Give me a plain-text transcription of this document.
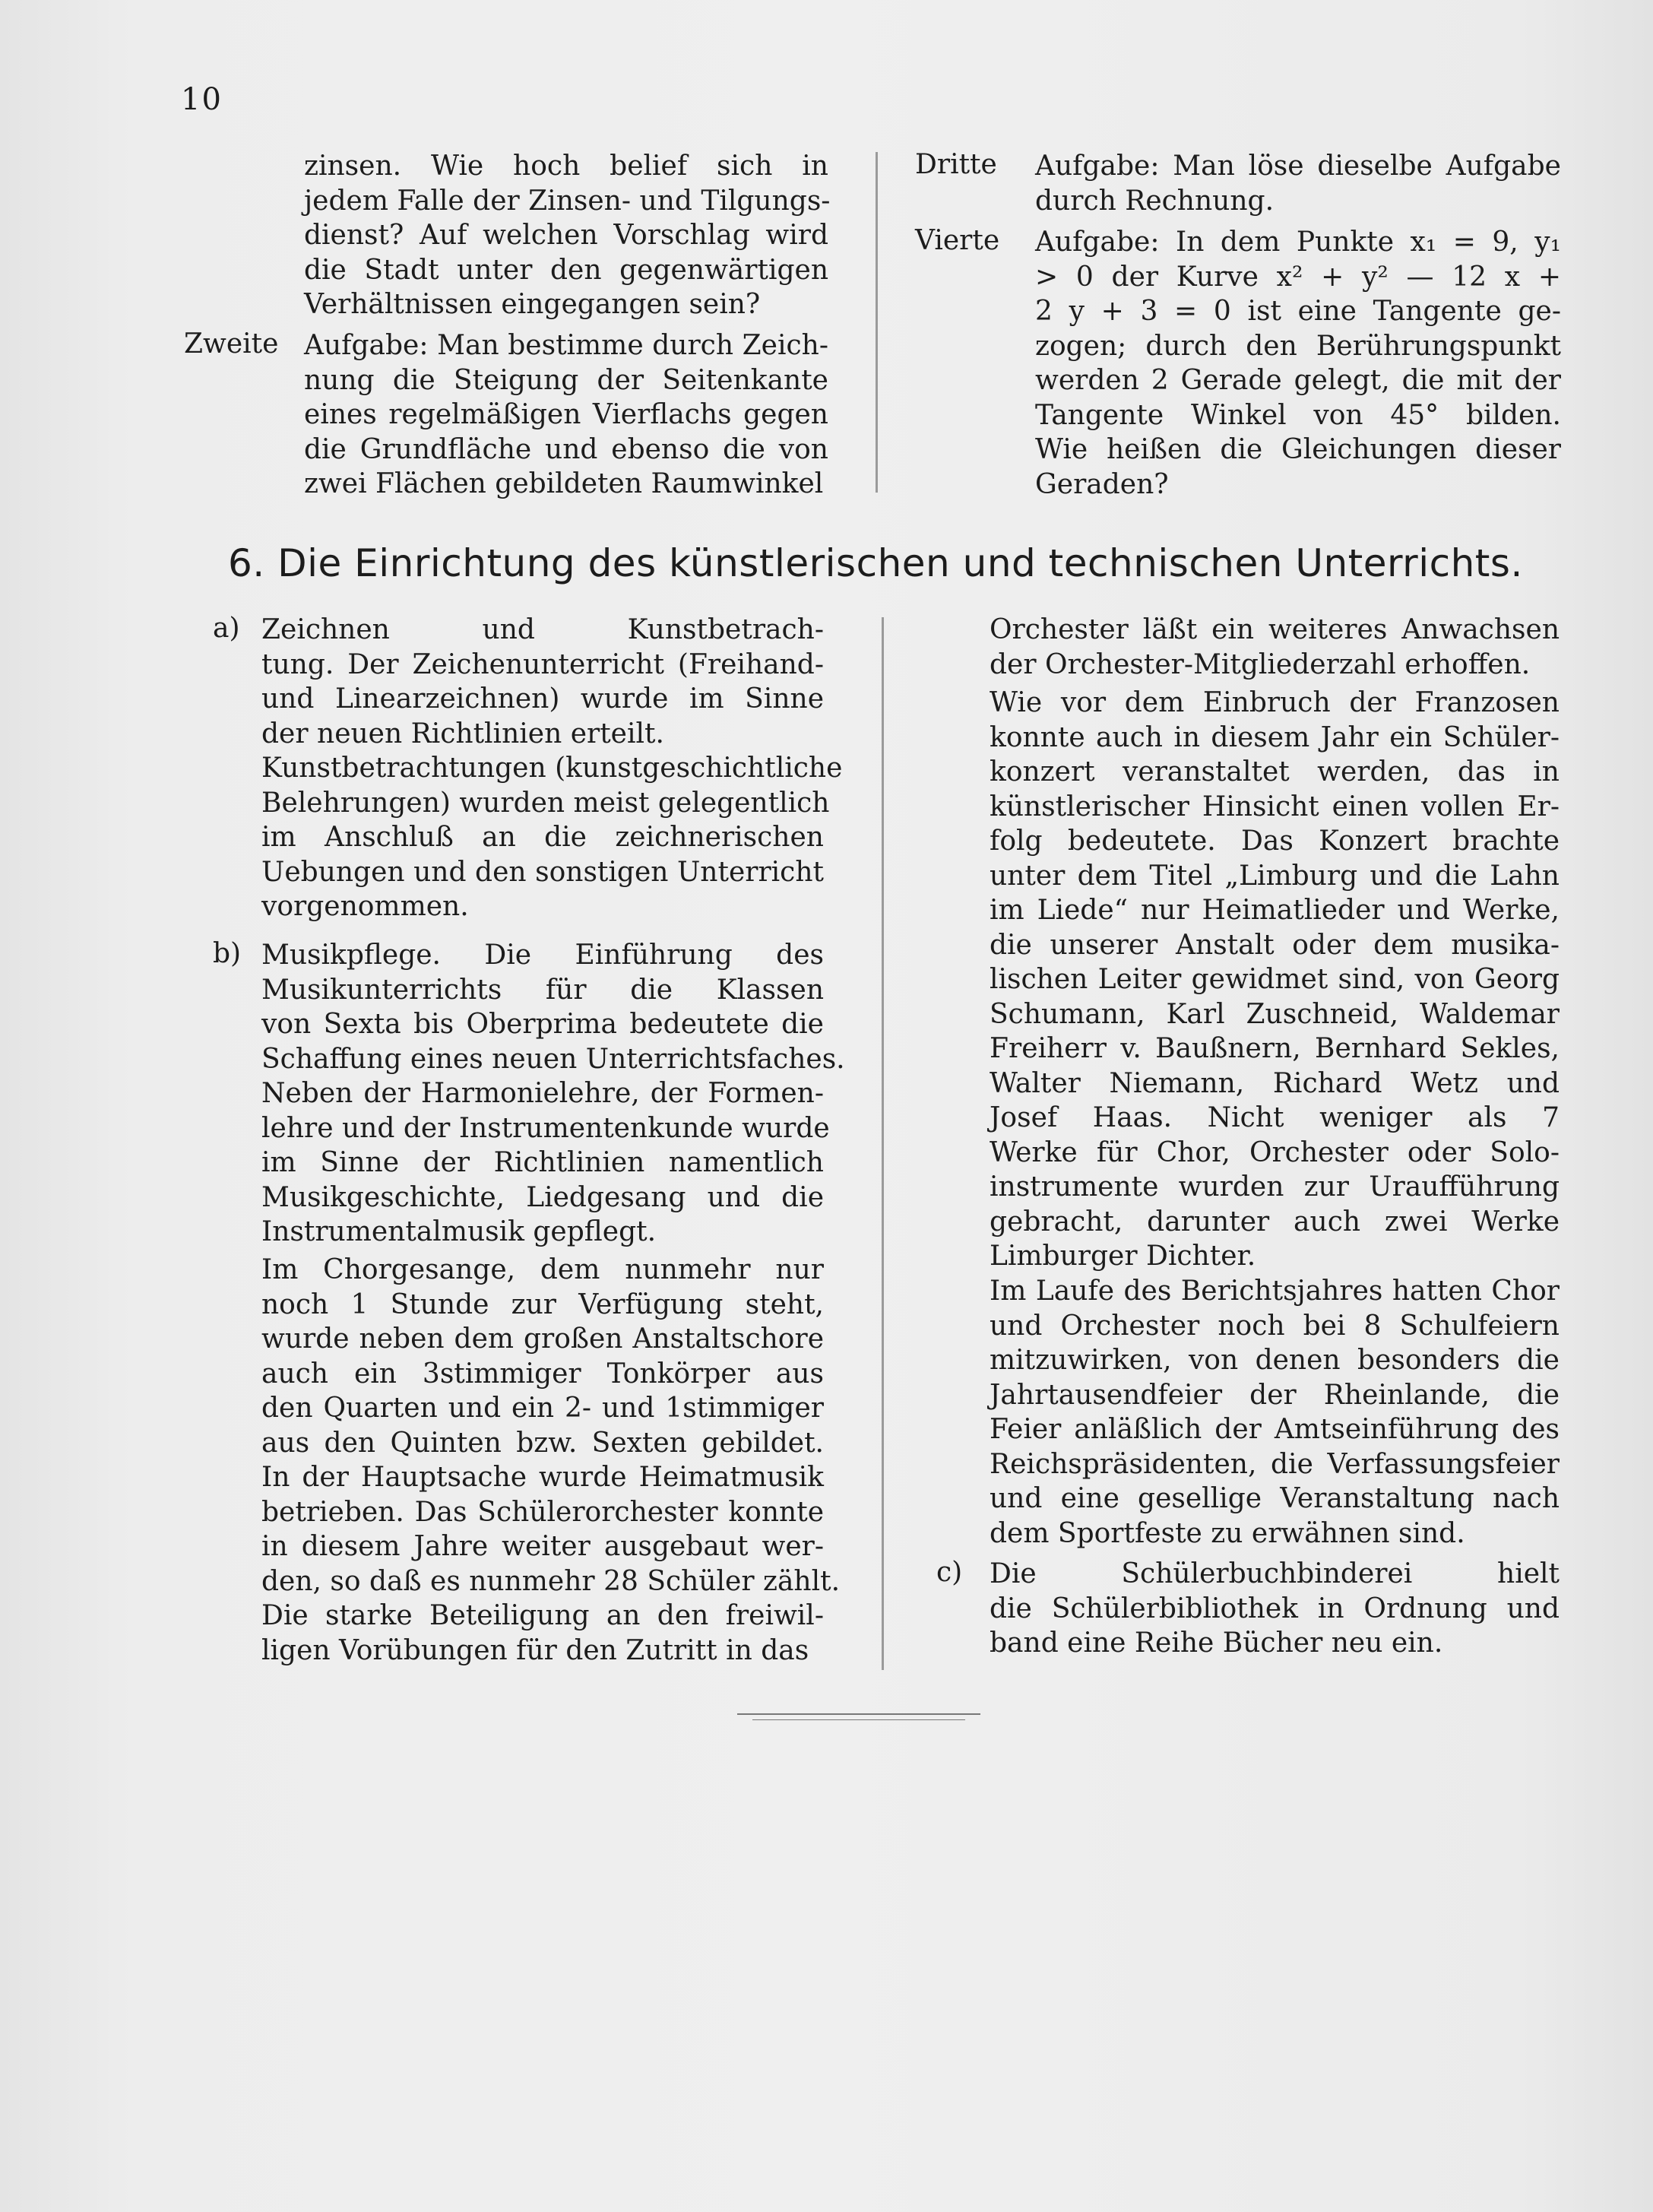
10
zinsen. Wie hoch belief sich in
jedem Falle der Zinsen- und Tilgungs-
dienst? Auf welchen Vorschlag wird
die Stadt unter den gegenwärtigen
Verhältnissen eingegangen sein?
Zweite Aufgabe: Man bestimme durch Zeich-
nung die Steigung der Seitenkante
eines regelmäßigen Vierflachs gegen
die Grundfläche und ebenso die von
zwei Flächen gebildeten Raumwinkel
Dritte Aufgabe: Man löse dieselbe Aufgabe
durch Rechnung.
Vierte Aufgabe: In dem Punkte x₁ = 9, y₁
> 0 der Kurve x² + y² — 12 x +
2 y + 3 = 0 ist eine Tangente ge-
zogen; durch den Berührungspunkt
werden 2 Gerade gelegt, die mit der
Tangente Winkel von 45° bilden.
Wie heißen die Gleichungen dieser
Geraden?
6. Die Einrichtung des künstlerischen und technischen Unterrichts.
a) Zeichnen und Kunstbetrach-
tung. Der Zeichenunterricht (Freihand-
und Linearzeichnen) wurde im Sinne
der neuen Richtlinien erteilt.
Kunstbetrachtungen (kunstgeschichtliche
Belehrungen) wurden meist gelegentlich
im Anschluß an die zeichnerischen
Uebungen und den sonstigen Unterricht
vorgenommen.
b) Musikpflege. Die Einführung des
Musikunterrichts für die Klassen
von Sexta bis Oberprima bedeutete die
Schaffung eines neuen Unterrichtsfaches.
Neben der Harmonielehre, der Formen-
lehre und der Instrumentenkunde wurde
im Sinne der Richtlinien namentlich
Musikgeschichte, Liedgesang und die
Instrumentalmusik gepflegt.
Im Chorgesange, dem nunmehr nur
noch 1 Stunde zur Verfügung steht,
wurde neben dem großen Anstaltschore
auch ein 3stimmiger Tonkörper aus
den Quarten und ein 2- und 1stimmiger
aus den Quinten bzw. Sexten gebildet.
In der Hauptsache wurde Heimatmusik
betrieben. Das Schülerorchester konnte
in diesem Jahre weiter ausgebaut wer-
den, so daß es nunmehr 28 Schüler zählt.
Die starke Beteiligung an den freiwil-
ligen Vorübungen für den Zutritt in das
Orchester läßt ein weiteres Anwachsen
der Orchester-Mitgliederzahl erhoffen.
Wie vor dem Einbruch der Franzosen
konnte auch in diesem Jahr ein Schüler-
konzert veranstaltet werden, das in
künstlerischer Hinsicht einen vollen Er-
folg bedeutete. Das Konzert brachte
unter dem Titel „Limburg und die Lahn
im Liede“ nur Heimatlieder und Werke,
die unserer Anstalt oder dem musika-
lischen Leiter gewidmet sind, von Georg
Schumann, Karl Zuschneid, Waldemar
Freiherr v. Baußnern, Bernhard Sekles,
Walter Niemann, Richard Wetz und
Josef Haas. Nicht weniger als 7
Werke für Chor, Orchester oder Solo-
instrumente wurden zur Uraufführung
gebracht, darunter auch zwei Werke
Limburger Dichter.
Im Laufe des Berichtsjahres hatten Chor
und Orchester noch bei 8 Schulfeiern
mitzuwirken, von denen besonders die
Jahrtausendfeier der Rheinlande, die
Feier anläßlich der Amtseinführung des
Reichspräsidenten, die Verfassungsfeier
und eine gesellige Veranstaltung nach
dem Sportfeste zu erwähnen sind.
c) Die Schülerbuchbinderei hielt
die Schülerbibliothek in Ordnung und
band eine Reihe Bücher neu ein.
